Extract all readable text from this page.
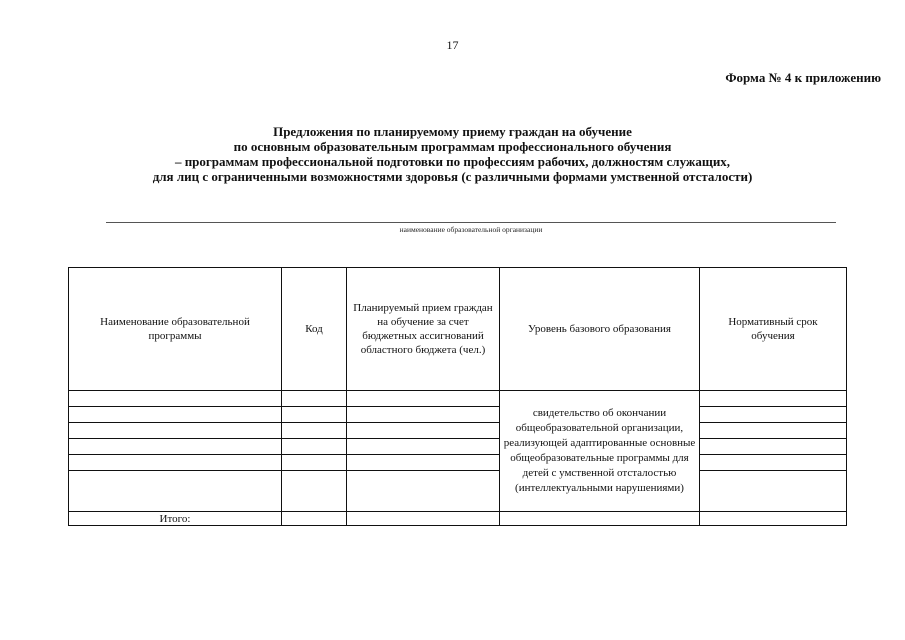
17
Форма № 4 к приложению
Предложения по планируемому приему граждан на обучение
по основным образовательным программам профессионального обучения
– программам профессиональной подготовки по профессиям рабочих, должностям служащих,
для лиц с ограниченными возможностями здоровья (с различными формами умственной отсталости)
наименование образовательной организации
Наименование образовательной программы	Код	Планируемый прием граждан на обучение за счет бюджетных ассигнований областного бюджета (чел.)	Уровень базового образования	Нормативный срок обучения
			свидетельство об окончании общеобразовательной организации, реализующей адаптированные основные общеобразовательные программы для детей с умственной отсталостью (интеллектуальными нарушениями)	

Итого:				
